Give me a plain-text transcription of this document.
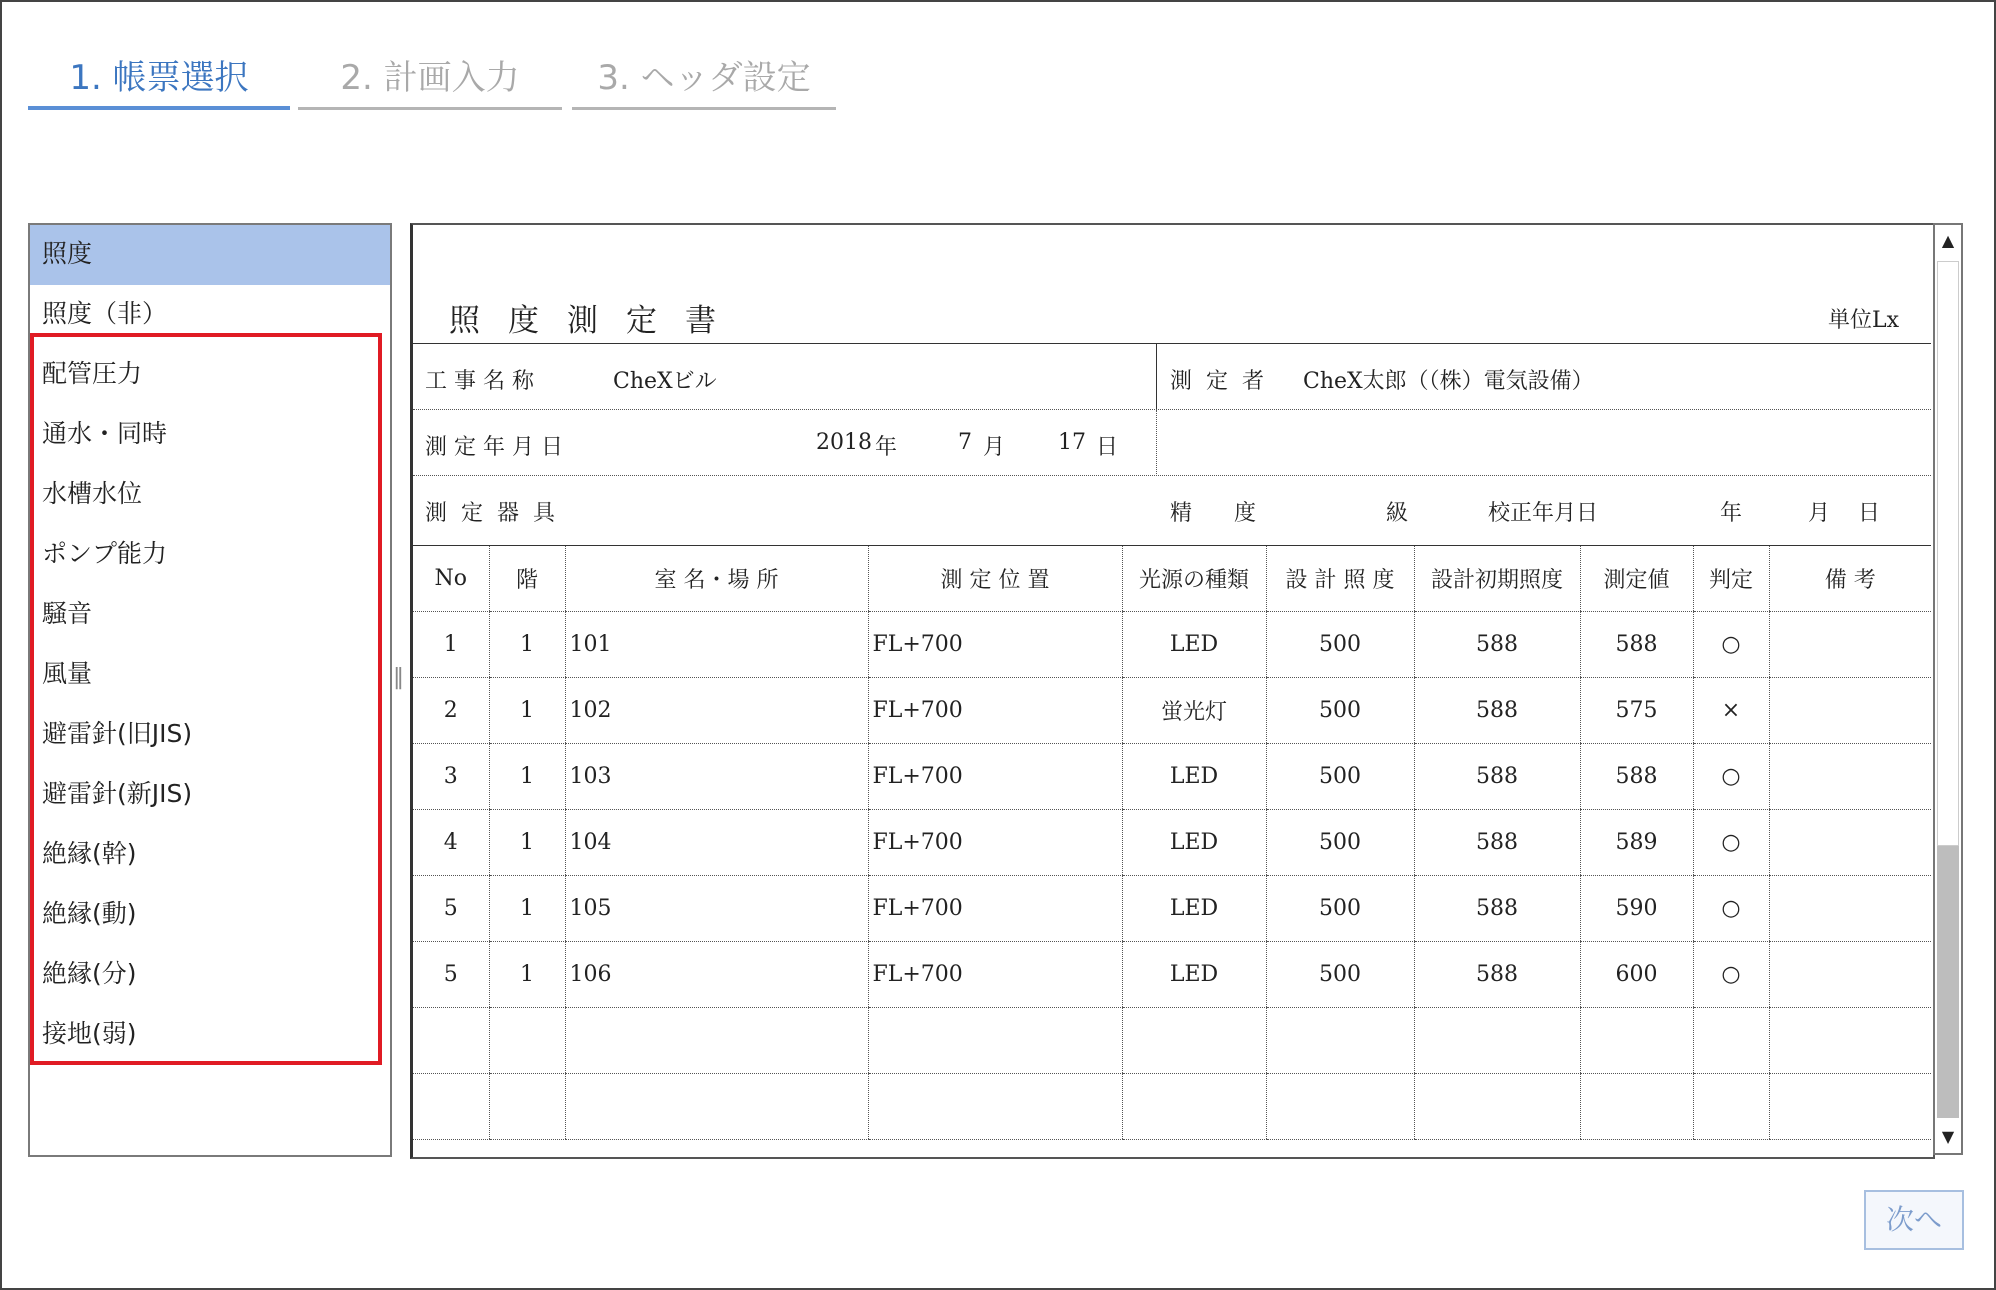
1. 帳票選択	2. 計画入力	3. ヘッダ設定
照度
照度（非）
配管圧力
通水・同時
水槽水位
ポンプ能力
騒音
風量
避雷針(旧JIS)
避雷針(新JIS)
絶縁(幹)
絶縁(動)
絶縁(分)
接地(弱)
‖
照度測定書	単位Lx
工 事 名 称	CheXビル	測  定  者 CheX太郎（（株）電気設備）
測 定 年 月 日	2018 年	7 月 17 日
測  定  器  具	精      度	級	校正年月日	年	月 日
No	階	室 名・場 所	測 定 位 置	光源の種類	設 計 照 度	設計初期照度	測定値	判定	備 考
1	1	101	FL+700	LED	500	588	588	○	
2	1	102	FL+700	蛍光灯	500	588	575	×	
3	1	103	FL+700	LED	500	588	588	○	
4	1	104	FL+700	LED	500	588	589	○	
5	1	105	FL+700	LED	500	588	590	○	
5	1	106	FL+700	LED	500	588	600	○	

▲
▼
次へ
